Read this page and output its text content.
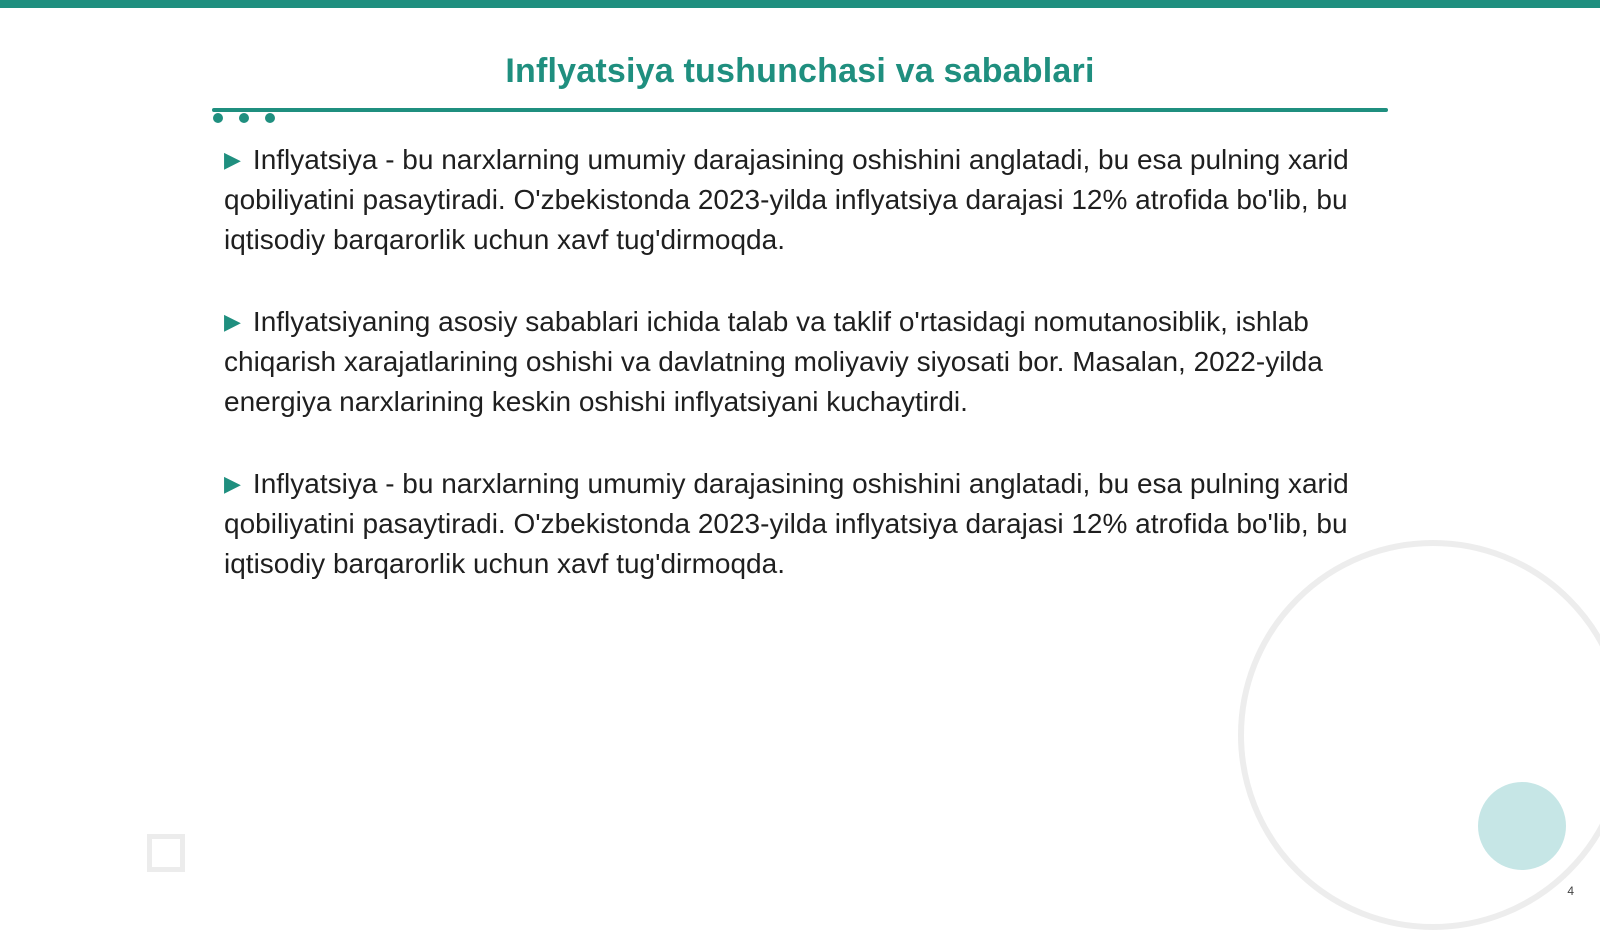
Inflyatsiya tushunchasi va sabablari
▶ Inflyatsiya - bu narxlarning umumiy darajasining oshishini anglatadi, bu esa pulning xarid qobiliyatini pasaytiradi. O'zbekistonda 2023-yilda inflyatsiya darajasi 12% atrofida bo'lib, bu iqtisodiy barqarorlik uchun xavf tug'dirmoqda.
▶ Inflyatsiyaning asosiy sabablari ichida talab va taklif o'rtasidagi nomutanosiblik, ishlab chiqarish xarajatlarining oshishi va davlatning moliyaviy siyosati bor. Masalan, 2022-yilda energiya narxlarining keskin oshishi inflyatsiyani kuchaytirdi.
▶ Inflyatsiya - bu narxlarning umumiy darajasining oshishini anglatadi, bu esa pulning xarid qobiliyatini pasaytiradi. O'zbekistonda 2023-yilda inflyatsiya darajasi 12% atrofida bo'lib, bu iqtisodiy barqarorlik uchun xavf tug'dirmoqda.
4
